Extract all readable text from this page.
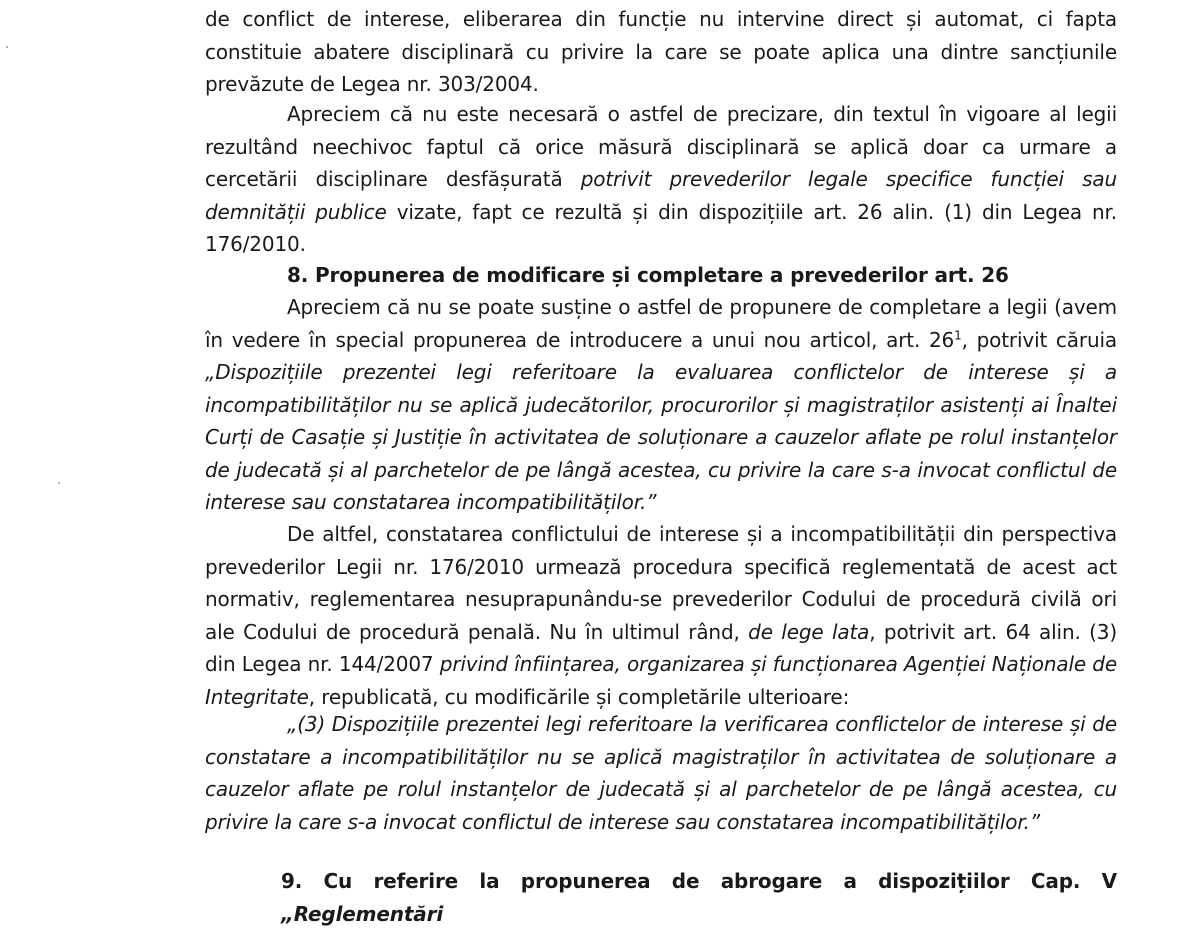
de conflict de interese, eliberarea din funcție nu intervine direct și automat, ci fapta
constituie abatere disciplinară cu privire la care se poate aplica una dintre sancțiunile
prevăzute de Legea nr. 303/2004.

Apreciem că nu este necesară o astfel de precizare, din textul în vigoare al legii rezultând neechivoc faptul că orice măsură disciplinară se aplică doar ca urmare a cercetării disciplinare desfășurată potrivit prevederilor legale specifice funcției sau demnității publice vizate, fapt ce rezultă și din dispozițiile art. 26 alin. (1) din Legea nr. 176/2010.

8. Propunerea de modificare și completare a prevederilor art. 26

Apreciem că nu se poate susține o astfel de propunere de completare a legii (avem în vedere în special propunerea de introducere a unui nou articol, art. $26^1$, potrivit căruia „Dispozițiile prezentei legi referitoare la evaluarea conflictelor de interese și a incompatibilităților nu se aplică judecătorilor, procurorilor și magistraților asistenți ai Înaltei Curți de Casație și Justiție în activitatea de soluționare a cauzelor aflate pe rolul instanțelor de judecată și al parchetelor de pe lângă acestea, cu privire la care s-a invocat conflictul de interese sau constatarea incompatibilităților.”

De altfel, constatarea conflictului de interese și a incompatibilității din perspectiva prevederilor Legii nr. 176/2010 urmează procedura specifică reglementată de acest act normativ, reglementarea nesuprapunându-se prevederilor Codului de procedură civilă ori ale Codului de procedură penală. Nu în ultimul rând, de lege lata, potrivit art. 64 alin. (3) din Legea nr. 144/2007 privind înființarea, organizarea și funcționarea Agenției Naționale de Integritate, republicată, cu modificările și completările ulterioare:

„(3) Dispozițiile prezentei legi referitoare la verificarea conflictelor de interese și de constatare a incompatibilităților nu se aplică magistraților în activitatea de soluționare a cauzelor aflate pe rolul instanțelor de judecată și al parchetelor de pe lângă acestea, cu privire la care s-a invocat conflictul de interese sau constatarea incompatibilităților.”

9. Cu referire la propunerea de abrogare a dispozițiilor Cap. V „Reglementări
